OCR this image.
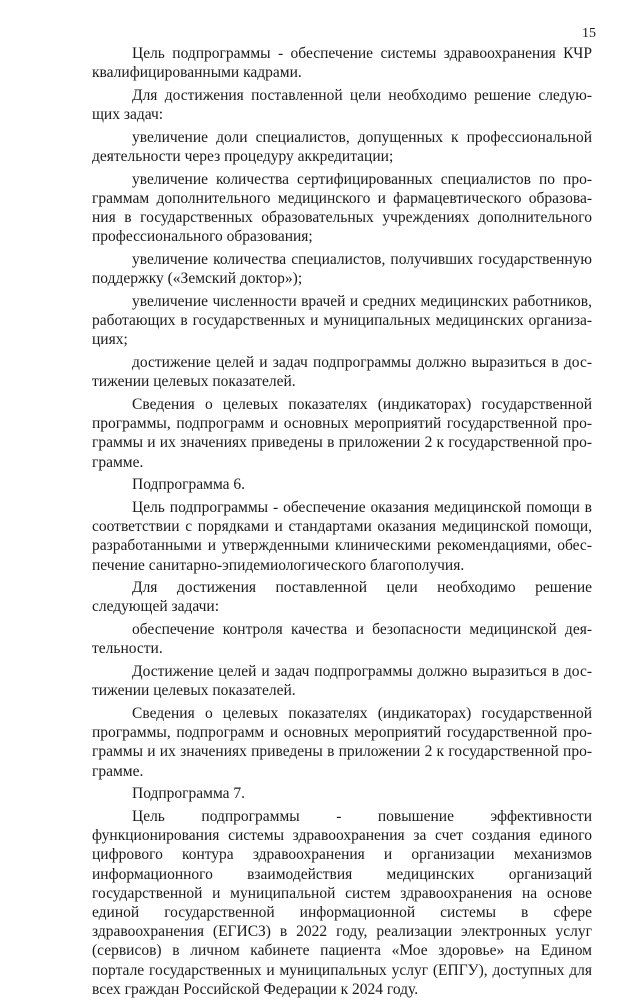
15

Цель подпрограммы - обеспечение системы здравоохранения КЧР квалифицированными кадрами.

Для достижения поставленной цели необходимо решение следующих задач:

увеличение доли специалистов, допущенных к профессиональной деятельности через процедуру аккредитации;

увеличение количества сертифицированных специалистов по программам дополнительного медицинского и фармацевтического образования в государственных образовательных учреждениях дополнительного профессионального образования;

увеличение количества специалистов, получивших государственную поддержку («Земский доктор»);

увеличение численности врачей и средних медицинских работников, работающих в государственных и муниципальных медицинских организациях;

достижение целей и задач подпрограммы должно выразиться в достижении целевых показателей.

Сведения о целевых показателях (индикаторах) государственной программы, подпрограмм и основных мероприятий государственной программы и их значениях приведены в приложении 2 к государственной программе.

Подпрограмма 6.

Цель подпрограммы - обеспечение оказания медицинской помощи в соответствии с порядками и стандартами оказания медицинской помощи, разработанными и утвержденными клиническими рекомендациями, обеспечение санитарно-эпидемиологического благополучия.

Для достижения поставленной цели необходимо решение следующей задачи:

обеспечение контроля качества и безопасности медицинской деятельности.

Достижение целей и задач подпрограммы должно выразиться в достижении целевых показателей.

Сведения о целевых показателях (индикаторах) государственной программы, подпрограмм и основных мероприятий государственной программы и их значениях приведены в приложении 2 к государственной программе.

Подпрограмма 7.

Цель подпрограммы - повышение эффективности функционирования системы здравоохранения за счет создания единого цифрового контура здравоохранения и организации механизмов информационного взаимодействия медицинских организаций государственной и муниципальной систем здравоохранения на основе единой государственной информационной системы в сфере здравоохранения (ЕГИСЗ) в 2022 году, реализации электронных услуг (сервисов) в личном кабинете пациента «Мое здоровье» на Едином портале государственных и муниципальных услуг (ЕПГУ), доступных для всех граждан Российской Федерации к 2024 году.
